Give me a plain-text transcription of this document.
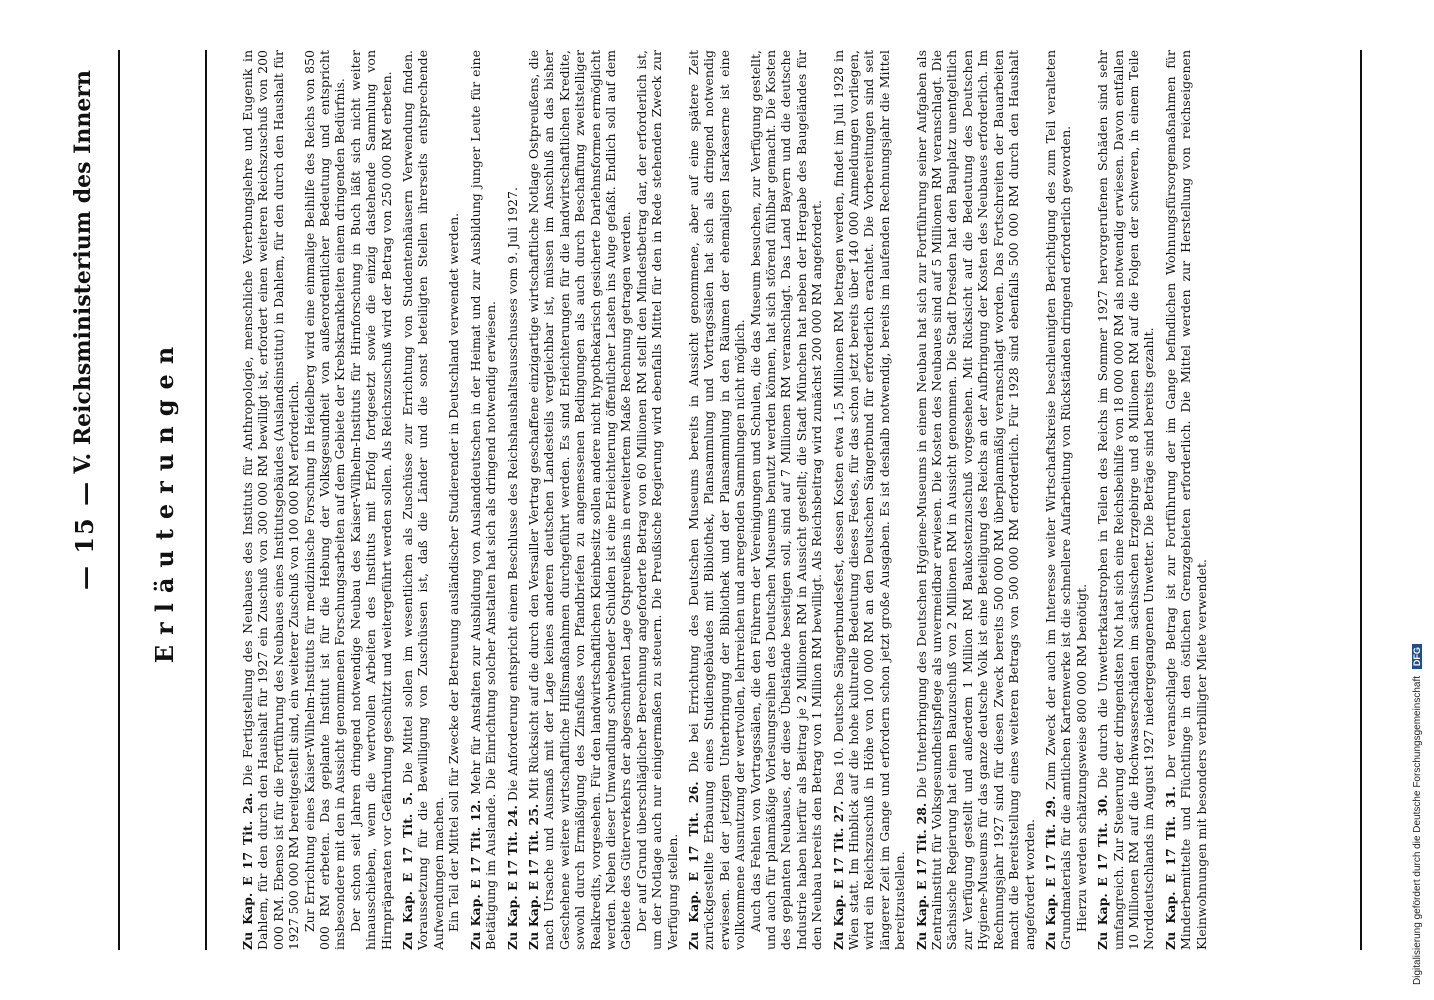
— 15 —
V. Reichsministerium des Innern
Erläuterungen

Zu Kap. E 17 Tit. 2a. Die Fertigstellung des Neubaues des Instituts für Anthropologie, menschliche Vererbungslehre und Eugenik in Dahlem, für den durch den Haushalt für 1927 ein Zuschuß von 300 000 RM bewilligt ist, erfordert einen weiteren Reichszuschuß von 200 000 RM. Ebenso ist für die Fortführung des Neubaues eines Institutsgebäudes (Auslandsinstitut) in Dahlem, für den durch den Haushalt für 1927 500 000 RM bereitgestellt sind, ein weiterer Zuschuß von 100 000 RM erforderlich. Zur Errichtung eines Kaiser-Wilhelm-Instituts für medizinische Forschung in Heidelberg wird eine einmalige Beihilfe des Reichs von 850 000 RM erbeten. Das geplante Institut ist für die Hebung der Volksgesundheit von außerordentlicher Bedeutung und entspricht insbesondere mit den in Aussicht genommenen Forschungsarbeiten auf dem Gebiete der Krebskrankheiten einem dringenden Bedürfnis. Der schon seit Jahren dringend notwendige Neubau des Kaiser-Wilhelm-Instituts für Hirnforschung in Buch läßt sich nicht weiter hinausschieben, wenn die wertvollen Arbeiten des Instituts mit Erfolg fortgesetzt sowie die einzig dastehende Sammlung von Hirnpräparaten vor Gefährdung geschützt und weitergeführt werden sollen. Als Reichszuschuß wird der Betrag von 250 000 RM erbeten. Zu Kap. E 17 Tit. 5. Die Mittel sollen im wesentlichen als Zuschüsse zur Errichtung von Studentenhäusern Verwendung finden. Voraussetzung für die Bewilligung von Zuschüssen ist, daß die Länder und die sonst beteiligten Stellen ihrerseits entsprechende Aufwendungen machen. Ein Teil der Mittel soll für Zwecke der Betreuung ausländischer Studierender in Deutschland verwendet werden. Zu Kap. E 17 Tit. 12. Mehr für Anstalten zur Ausbildung von Auslanddeutschen in der Heimat und zur Ausbildung junger Leute für eine Betätigung im Auslande. Die Einrichtung solcher Anstalten hat sich als dringend notwendig erwiesen. Zu Kap. E 17 Tit. 24. Die Anforderung entspricht einem Beschlusse des Reichshaushaltsausschusses vom 9. Juli 1927.

Zu Kap. E 17 Tit. 25. Mit Rücksicht auf die durch den Versailler Vertrag geschaffene einzigartige wirtschaftliche Notlage Ostpreußens, die nach Ursache und Ausmaß mit der Lage keines anderen deutschen Landesteils vergleichbar ist, müssen im Anschluß an das bisher Geschehene weitere wirtschaftliche Hilfsmaßnahmen durchgeführt werden. Es sind Erleichterungen für die landwirtschaftlichen Kredite, sowohl durch Ermäßigung des Zinsfußes von Pfandbriefen zu angemessenen Bedingungen als auch durch Beschaffung zweitstelliger Realkredits, vorgesehen. Für den landwirtschaftlichen Kleinbesitz sollen andere nicht hypothekarisch gesicherte Darlehnsformen ermöglicht werden. Neben dieser Umwandlung schwebender Schulden ist eine Erleichterung öffentlicher Lasten ins Auge gefaßt. Endlich soll auf dem Gebiete des Güterverkehrs der abgeschnürten Lage Ostpreußens in erweitertem Maße Rechnung getragen werden. Der auf Grund überschläglicher Berechnung angeforderte Betrag von 60 Millionen RM stellt den Mindestbetrag dar, der erforderlich ist, um der Notlage auch nur einigermaßen zu steuern. Die Preußische Regierung wird ebenfalls Mittel für den in Rede stehenden Zweck zur Verfügung stellen. Zu Kap. E 17 Tit. 26. Die bei Errichtung des Deutschen Museums bereits in Aussicht genommene, aber auf eine spätere Zeit zurückgestellte Erbauung eines Studiengebäudes mit Bibliothek, Plansammlung und Vortragssälen hat sich als dringend notwendig erwiesen. Bei der jetzigen Unterbringung der Bibliothek und der Plansammlung in den Räumen der ehemaligen Isarkaserne ist eine vollkommene Ausnutzung der wertvollen, lehrreichen und anregenden Sammlungen nicht möglich. Auch das Fehlen von Vortragssälen, die den Führern der Vereinigungen und Schulen, die das Museum besuchen, zur Verfügung gestellt, und auch für planmäßige Vorlesungsreihen des Deutschen Museums benutzt werden können, hat sich störend fühlbar gemacht. Die Kosten des geplanten Neubaues, der diese Übelstände beseitigen soll, sind auf 7 Millionen RM veranschlagt. Das Land Bayern und die deutsche Industrie haben hierfür als Beitrag je 2 Millionen RM in Aussicht gestellt; die Stadt München hat neben der Hergabe des Baugeländes für den Neubau bereits den Betrag von 1 Million RM bewilligt. Als Reichsbeitrag wird zunächst 200 000 RM angefordert. Zu Kap. E 17 Tit. 27. Das 10. Deutsche Sängerbundesfest, dessen Kosten etwa 1,5 Millionen RM betragen werden, findet im Juli 1928 in Wien statt. Im Hinblick auf die hohe kulturelle Bedeutung dieses Festes, für das schon jetzt bereits über 140 000 Anmeldungen vorliegen, wird ein Reichszuschuß in Höhe von 100 000 RM an den Deutschen Sängerbund für erforderlich erachtet. Die Vorbereitungen sind seit längerer Zeit im Gange und erfordern schon jetzt große Ausgaben. Es ist deshalb notwendig, bereits im laufenden Rechnungsjahr die Mittel bereitzustellen. Zu Kap. E 17 Tit. 28. Die Unterbringung des Deutschen Hygiene-Museums in einem Neubau hat sich zur Fortführung seiner Aufgaben als Zentralinstitut für Volksgesundheitspflege als unvermeidbar erwiesen. Die Kosten des Neubaues sind auf 5 Millionen RM veranschlagt. Die Sächsische Regierung hat einen Bauzuschuß von 2 Millionen RM in Aussicht genommen. Die Stadt Dresden hat den Bauplatz unentgeltlich zur Verfügung gestellt und außerdem 1 Million RM Baukostenzuschuß vorgesehen. Mit Rücksicht auf die Bedeutung des Deutschen Hygiene-Museums für das ganze deutsche Volk ist eine Beteiligung des Reichs an der Aufbringung der Kosten des Neubaues erforderlich. Im Rechnungsjahr 1927 sind für diesen Zweck bereits 500 000 RM überplanmäßig veranschlagt worden. Das Fortschreiten der Bauarbeiten macht die Bereitstellung eines weiteren Betrags von 500 000 RM erforderlich. Für 1928 sind ebenfalls 500 000 RM durch den Haushalt angefordert worden. Zu Kap. E 17 Tit. 29. Zum Zweck der auch im Interesse weiter Wirtschaftskreise beschleunigten Berichtigung des zum Teil veralteten Grundmaterials für die amtlichen Kartenwerke ist die schnellere Aufarbeitung von Rückständen dringend erforderlich geworden. Hierzu werden schätzungsweise 800 000 RM benötigt. Zu Kap. E 17 Tit. 30. Die durch die Unwetterkatastrophen in Teilen des Reichs im Sommer 1927 hervorgerufenen Schäden sind sehr umfangreich. Zur Steuerung der dringendsten Not hat sich eine Reichsbeihilfe von 18 000 000 RM als notwendig erwiesen. Davon entfallen 10 Millionen RM auf die Hochwasserschäden im sächsischen Erzgebirge und 8 Millionen RM auf die Folgen der schweren, in einem Teile Norddeutschlands im August 1927 niedergegangenen Unwetter. Die Beträge sind bereits gezahlt. Zu Kap. E 17 Tit. 31. Der veranschlagte Betrag ist zur Fortführung der im Gange befindlichen Wohnungsfürsorgemaßnahmen für Minderbemittelte und Flüchtlinge in den östlichen Grenzgebieten erforderlich. Die Mittel werden zur Herstellung von reichseigenen Kleinwohnungen mit besonders verbilligter Miete verwendet.	Digitalisierung gefördert durch die Deutsche Forschungsgemeinschaft DFG
